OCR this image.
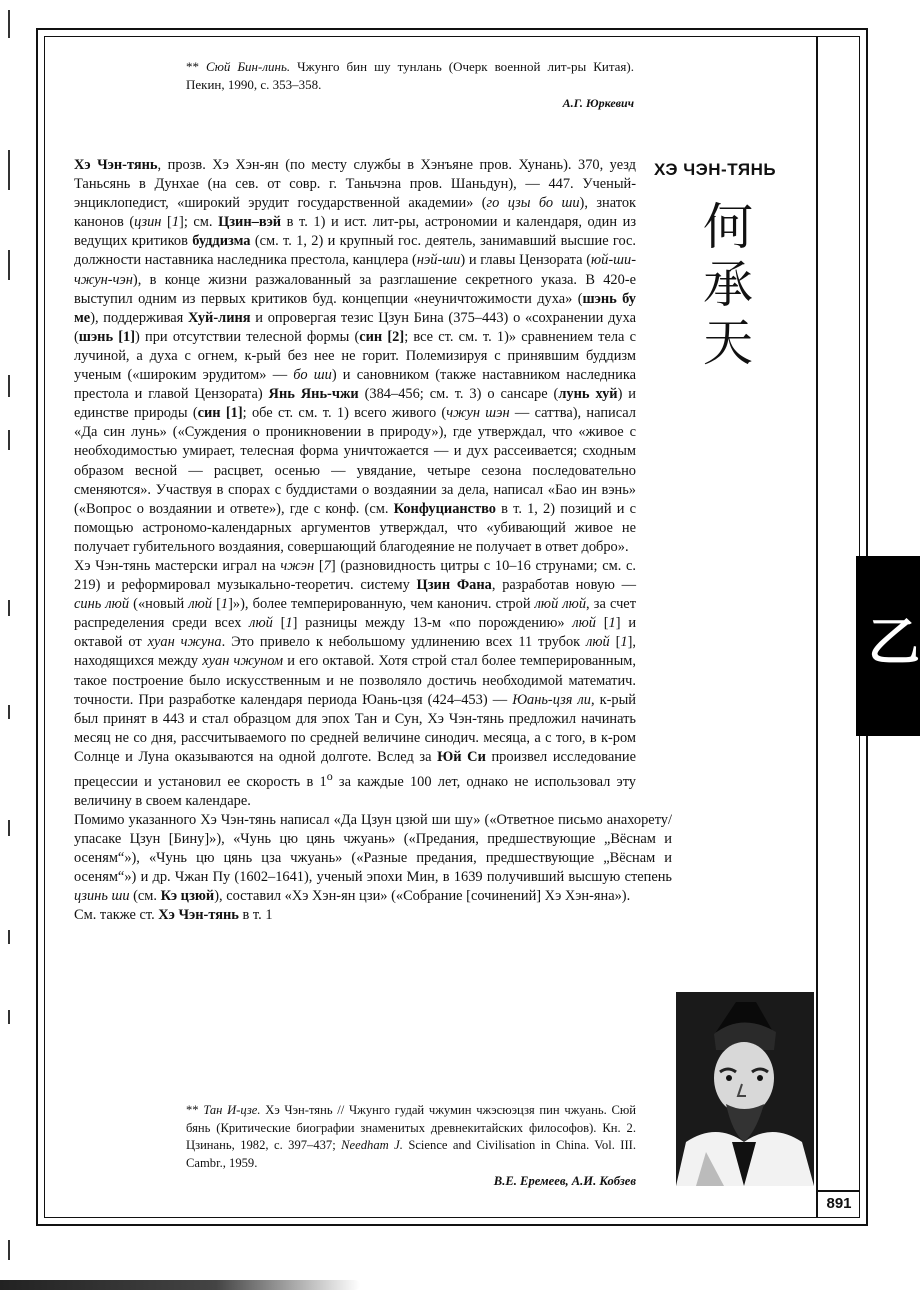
891
乙
** Сюй Бин-линь. Чжунго бин шу тунлань (Очерк военной лит-ры Китая). Пекин, 1990, с. 353–358.
А.Г. Юркевич
ХЭ ЧЭН-ТЯНЬ
何
承
天

Хэ Чэн-тянь, прозв. Хэ Хэн-ян (по месту службы в Хэнъяне пров. Хунань). 370, уезд Таньсянь в Дунхае (на сев. от совр. г. Таньчэна пров. Шаньдун), — 447. Ученый-энциклопедист, «широкий эрудит государственной академии» (го цзы бо ши), знаток канонов (цзин [1]; см. Цзин–вэй в т. 1) и ист. лит-ры, астрономии и календаря, один из ведущих критиков буддизма (см. т. 1, 2) и крупный гос. деятель, занимавший высшие гос. должности наставника наследника престола, канцлера (нэй-ши) и главы Цензората (юй-ши-чжун-чэн), в конце жизни разжалованный за разглашение секретного указа. В 420-е выступил одним из первых критиков буд. концепции «неуничтожимости духа» (шэнь бу ме), поддерживая Хуй-линя и опровергая тезис Цзун Бина (375–443) о «сохранении духа (шэнь [1]) при отсутствии телесной формы (син [2]; все ст. см. т. 1)» сравнением тела с лучиной, а духа с огнем, к-рый без нее не горит. Полемизируя с принявшим буддизм ученым («широким эрудитом» — бо ши) и сановником (также наставником наследника престола и главой Цензората) Янь Янь-чжи (384–456; см. т. 3) о сансаре (лунь хуй) и единстве природы (син [1]; обе ст. см. т. 1) всего живого (чжун шэн — саттва), написал «Да син лунь» («Суждения о проникновении в природу»), где утверждал, что «живое с необходимостью умирает, телесная форма уничтожается — и дух рассеивается; сходным образом весной — расцвет, осенью — увядание, четыре сезона последовательно сменяются». Участвуя в спорах с буддистами о воздаянии за дела, написал «Бао ин вэнь» («Вопрос о воздаянии и ответе»), где с конф. (см. Конфуцианство в т. 1, 2) позиций и с помощью астрономо-календарных аргументов утверждал, что «убивающий живое не получает губительного воздаяния, совершающий благодеяние не получает в ответ добро».

Хэ Чэн-тянь мастерски играл на чжэн [7] (разновидность цитры с 10–16 струнами; см. с. 219) и реформировал музыкально-теоретич. систему Цзин Фана, разработав новую — синь люй («новый люй [1]»), более темперированную, чем канонич. строй люй люй, за счет распределения среди всех люй [1] разницы между 13-м «по порождению» люй [1] и октавой от хуан чжуна. Это привело к небольшому удлинению всех 11 трубок люй [1], находящихся между хуан чжуном и его октавой. Хотя строй стал более темперированным, такое построение было искусственным и не позволяло достичь необходимой математич. точности. При разработке календаря периода Юань-цзя (424–453) — Юань-цзя ли, к-рый был принят в 443 и стал образцом для эпох Тан и Сун, Хэ Чэн-тянь предложил начинать месяц не со дня, рассчитываемого по средней величине синодич. месяца, а с того, в к-ром Солнце и Луна оказываются на одной долготе. Вслед за Юй Си произвел исследование прецессии и установил ее скорость в 1$^o$ за каждые 100 лет, однако не использовал эту величину в своем календаре.

Помимо указанного Хэ Чэн-тянь написал «Да Цзун цзюй ши шу» («Ответное письмо анахорету/упасаке Цзун [Бину]»), «Чунь цю цянь чжуань» («Предания, предшествующие „Вёснам и осеням“»), «Чунь цю цянь цза чжуань» («Разные предания, предшествующие „Вёснам и осеням“») и др. Чжан Пу (1602–1641), ученый эпохи Мин, в 1639 получивший высшую степень цзинь ши (см. Кэ цзюй), составил «Хэ Хэн-ян цзи» («Собрание [сочинений] Хэ Хэн-яна»).

См. также ст. Хэ Чэн-тянь в т. 1

** Тан И-цзе. Хэ Чэн-тянь // Чжунго гудай чжумин чжэсюэцзя пин чжуань. Сюй бянь (Критические биографии знаменитых древнекитайских философов). Кн. 2. Цзинань, 1982, с. 397–437; Needham J. Science and Civilisation in China. Vol. III. Cambr., 1959.
В.Е. Еремеев, А.И. Кобзев
